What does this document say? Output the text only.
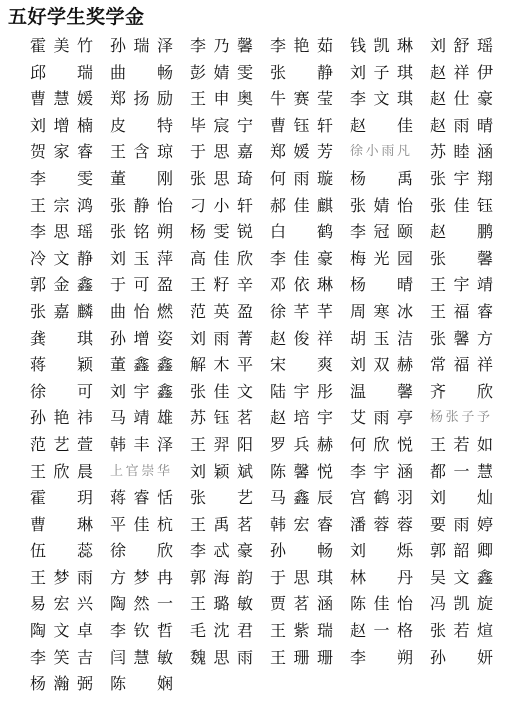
五好学生奖学金
霍美竹 孙瑞泽 李乃馨 李艳茹 钱凯琳 刘舒瑶
邱瑞 曲畅 彭婧雯 张静 刘子琪 赵祥伊
曹慧媛 郑扬励 王申奥 牛赛莹 李文琪 赵仕豪
刘增楠 皮特 毕宸宁 曹钰轩 赵佳 赵雨晴
贺家睿 王含琼 于思嘉 郑媛芳 徐小雨凡 苏睦涵
李雯 董刚 张思琦 何雨璇 杨禹 张宇翔
王宗鸿 张静怡 刁小轩 郝佳麒 张婧怡 张佳钰
李思瑶 张铭朔 杨雯锐 白鹤 李冠颐 赵鹏
冷文静 刘玉萍 高佳欣 李佳豪 梅光园 张馨
郭金鑫 于可盈 王籽辛 邓依琳 杨晴 王宇靖
张嘉麟 曲怡燃 范英盈 徐芊芊 周寒冰 王福睿
龚琪 孙增姿 刘雨菁 赵俊祥 胡玉洁 张馨方
蒋颖 董鑫鑫 解木平 宋爽 刘双赫 常福祥
徐可 刘宇鑫 张佳文 陆宇彤 温馨 齐欣
孙艳祎 马靖雄 苏钰茗 赵培宇 艾雨亭 杨张子予
范艺萱 韩丰泽 王羿阳 罗兵赫 何欣悦 王若如
王欣晨 上官崇华 刘颖斌 陈馨悦 李宇涵 都一慧
霍玥 蒋睿恬 张艺 马鑫辰 宫鹤羽 刘灿
曹琳 平佳杭 王禹茗 韩宏睿 潘蓉蓉 要雨婷
伍蕊 徐欣 李忒豪 孙畅 刘烁 郭韶卿
王梦雨 方梦冉 郭海韵 于思琪 林丹 吴文鑫
易宏兴 陶然一 王璐敏 贾茗涵 陈佳怡 冯凯旋
陶文卓 李钦哲 毛沈君 王紫瑞 赵一格 张若煊
李笑吉 闫慧敏 魏思雨 王珊珊 李朔 孙妍
杨瀚弼 陈娴
